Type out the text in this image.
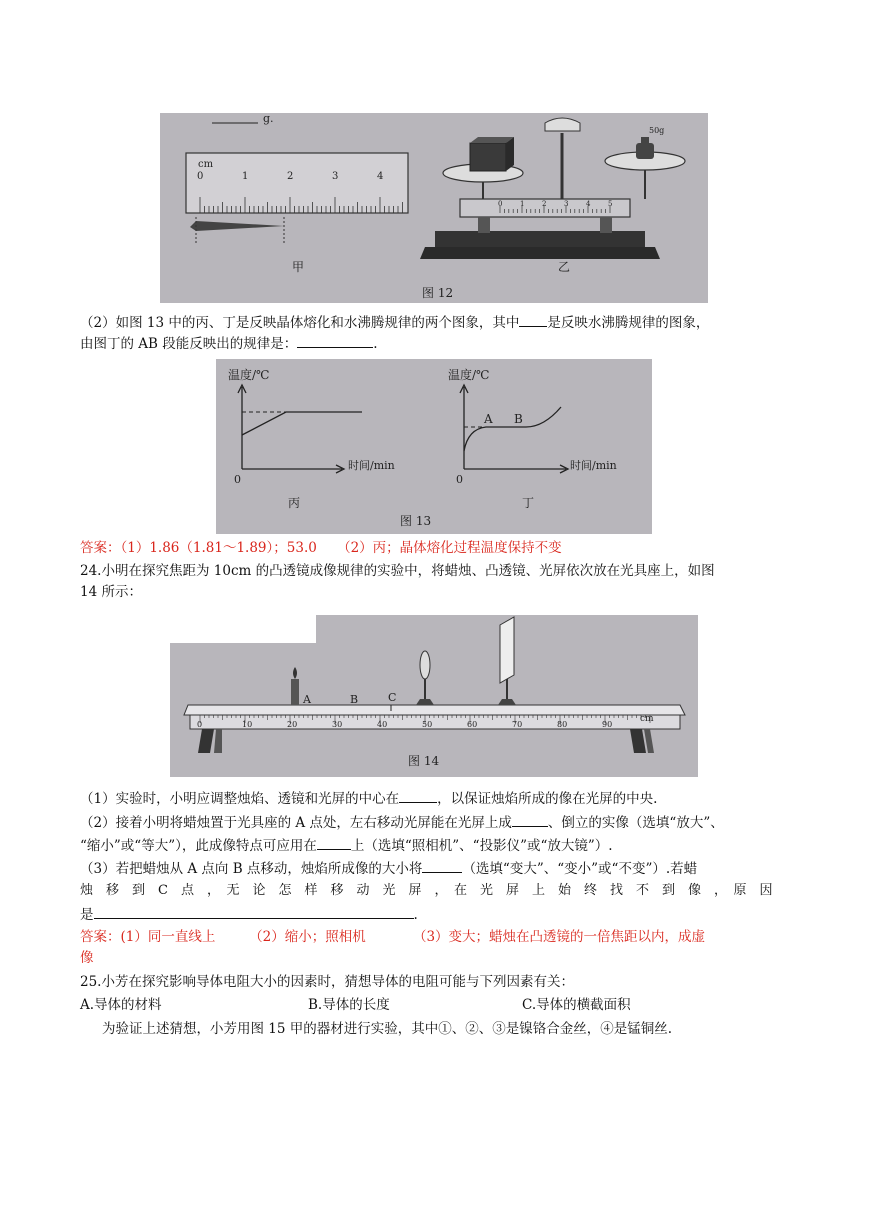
g.
cm
0	1	2	3	4
甲
0	1	2	3	4	5
50g
乙
图 12
（2）如图 13 中的丙、丁是反映晶体熔化和水沸腾规律的两个图象，其中 是反映水沸腾规律的图象，
由图丁的 AB 段能反映出的规律是：	.
温度/℃
时间/min
0
丙
温度/℃
时间/min
0
A B
丁
图 13
答案：（1）1.86（1.81～1.89）；53.0　　（2）丙；晶体熔化过程温度保持不变
24.小明在探究焦距为 10cm 的凸透镜成像规律的实验中，将蜡烛、凸透镜、光屏依次放在光具座上，如图
14 所示：
0	10	20	30	40	50	60	70	80	90
cm
A	B	C
图 14
（1）实验时，小明应调整烛焰、透镜和光屏的中心在	，以保证烛焰所成的像在光屏的中央.
（2）接着小明将蜡烛置于光具座的 A 点处，左右移动光屏能在光屏上成	、倒立的实像（选填“放大”、
“缩小”或“等大”），此成像特点可应用在	上（选填“照相机”、“投影仪”或“放大镜”）.
（3）若把蜡烛从 A 点向 B 点移动，烛焰所成像的大小将	（选填“变大”、“变小”或“不变”）.若蜡
烛　移　到　C　点　，　无　论　怎　样　移　动　光　屏　，　在　光　屏　上　始　终　找　不　到　像　，　原　因
是	.
答案：(1）同一直线上　　　（2）缩小；照相机　　　　（3）变大；蜡烛在凸透镜的一倍焦距以内，成虚
像
25.小芳在探究影响导体电阻大小的因素时，猜想导体的电阻可能与下列因素有关：
A.导体的材料	B.导体的长度	C.导体的横截面积
为验证上述猜想，小芳用图 15 甲的器材进行实验，其中①、②、③是镍铬合金丝，④是锰铜丝.
